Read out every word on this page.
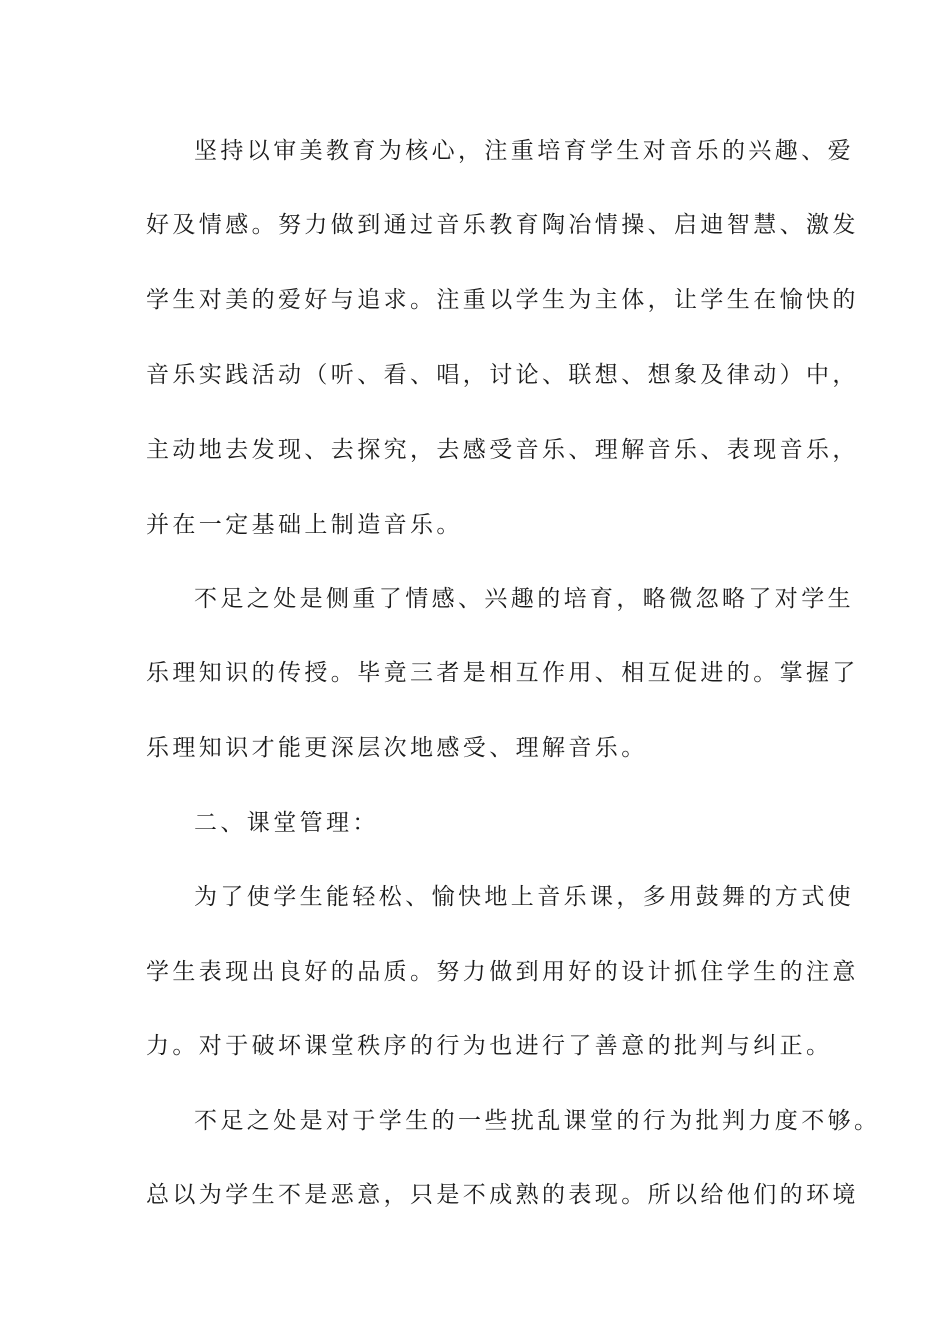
坚持以审美教育为核心，注重培育学生对音乐的兴趣、爱
好及情感。努力做到通过音乐教育陶冶情操、启迪智慧、激发
学生对美的爱好与追求。注重以学生为主体，让学生在愉快的
音乐实践活动（听、看、唱，讨论、联想、想象及律动）中，
主动地去发现、去探究，去感受音乐、理解音乐、表现音乐，
并在一定基础上制造音乐。
不足之处是侧重了情感、兴趣的培育，略微忽略了对学生
乐理知识的传授。毕竟三者是相互作用、相互促进的。掌握了
乐理知识才能更深层次地感受、理解音乐。
二、课堂管理：
为了使学生能轻松、愉快地上音乐课，多用鼓舞的方式使
学生表现出良好的品质。努力做到用好的设计抓住学生的注意
力。对于破坏课堂秩序的行为也进行了善意的批判与纠正。
不足之处是对于学生的一些扰乱课堂的行为批判力度不够。
总以为学生不是恶意，只是不成熟的表现。所以给他们的环境
